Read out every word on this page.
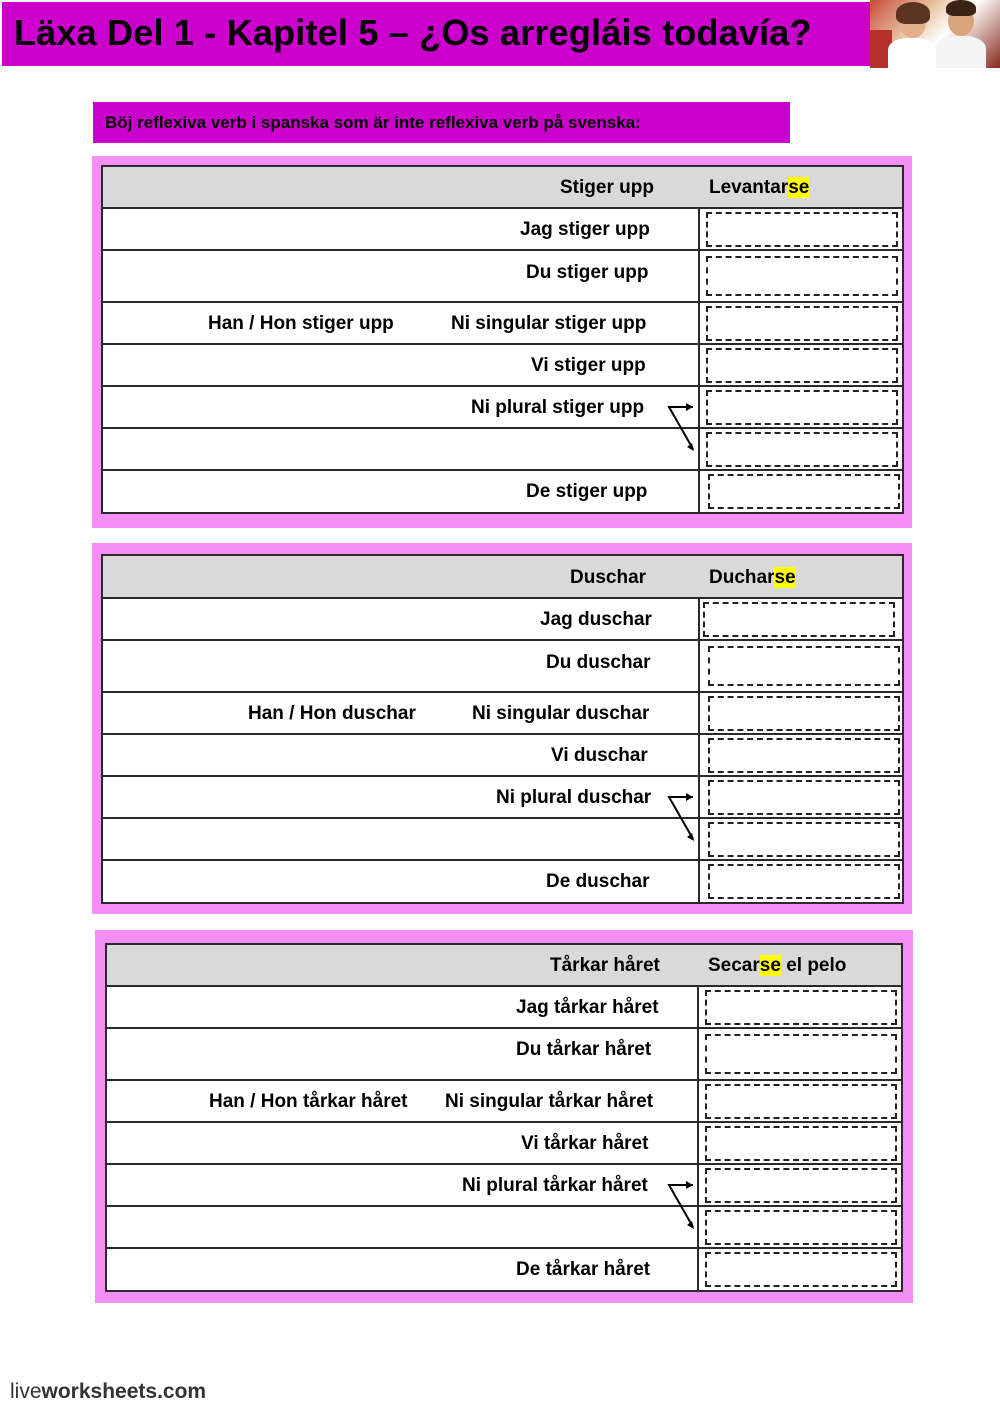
Läxa Del 1 - Kapitel 5 – ¿Os arregláis todavía?
Böj reflexiva verb i spanska som är inte reflexiva verb på svenska:
Stiger upp	Levantarse
Jag stiger upp
Du stiger upp
Han / Hon stiger upp	Ni singular stiger upp
Vi stiger upp
Ni plural stiger upp
De stiger upp
Duschar	Ducharse
Jag duschar
Du duschar
Han / Hon duschar	Ni singular duschar
Vi duschar
Ni plural duschar
De duschar
Tårkar håret	Secarse el pelo
Jag tårkar håret
Du tårkar håret
Han / Hon tårkar håret Ni singular tårkar håret
Vi tårkar håret
Ni plural tårkar håret
De tårkar håret
liveworksheets.com
